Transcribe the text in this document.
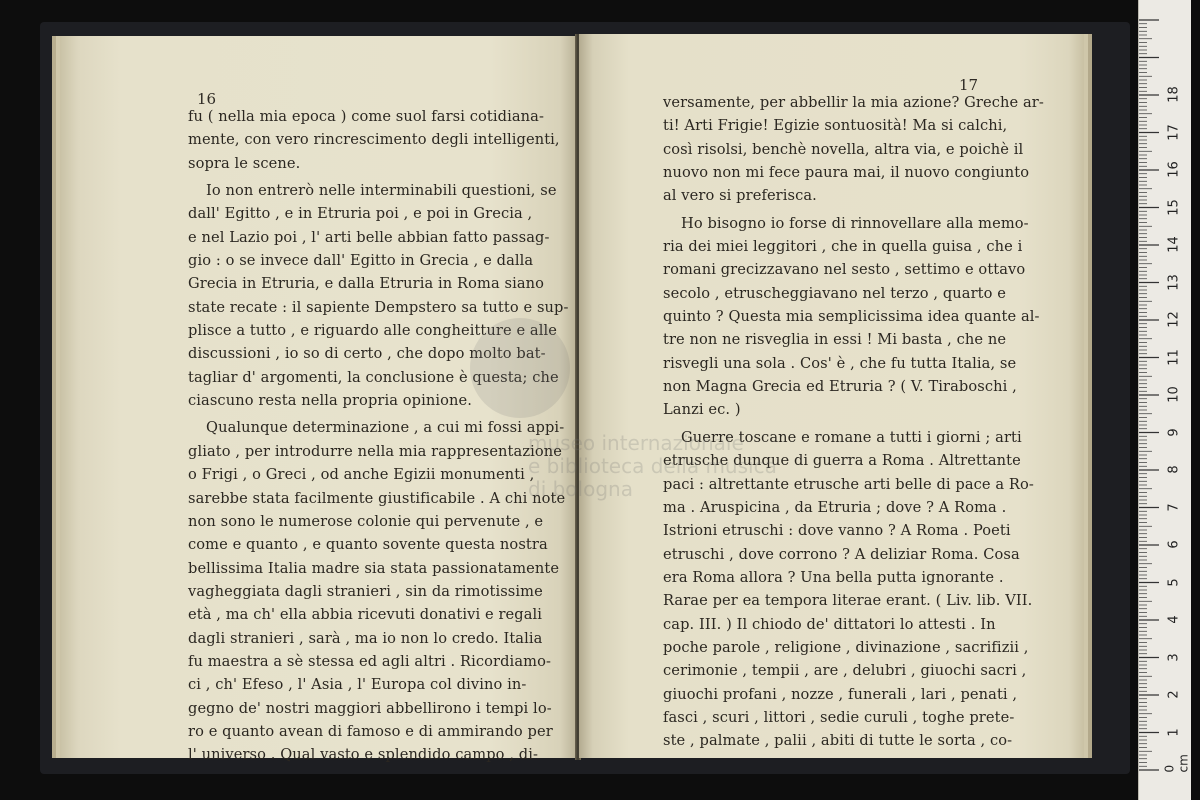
16
fu ( nella mia epoca ) come suol farsi cotidiana-
mente, con vero rincrescimento degli intelligenti,
sopra le scene.
Io non entrerò nelle interminabili questioni, se
dall' Egitto , e in Etruria poi , e poi in Grecia ,
e nel Lazio poi , l' arti belle abbian fatto passag-
gio : o se invece dall' Egitto in Grecia , e dalla
Grecia in Etruria, e dalla Etruria in Roma siano
state recate : il sapiente Dempstero sa tutto e sup-
plisce a tutto , e riguardo alle congheitture e alle
discussioni , io so di certo , che dopo molto bat-
tagliar d' argomenti, la conclusione è questa; che
ciascuno resta nella propria opinione.
Qualunque determinazione , a cui mi fossi appi-
gliato , per introdurre nella mia rappresentazione
o Frigi , o Greci , od anche Egizii monumenti ,
sarebbe stata facilmente giustificabile . A chi note
non sono le numerose colonie qui pervenute , e
come e quanto , e quanto sovente questa nostra
bellissima Italia madre sia stata passionatamente
vagheggiata dagli stranieri , sin da rimotissime
età , ma ch' ella abbia ricevuti donativi e regali
dagli stranieri , sarà , ma io non lo credo. Italia
fu maestra a sè stessa ed agli altri . Ricordiamo-
ci , ch' Efeso , l' Asia , l' Europa col divino in-
gegno de' nostri maggiori abbellirono i tempi lo-
ro e quanto avean di famoso e di ammirando per
l' universo . Qual vasto e splendido campo , di-
17
versamente, per abbellir la mia azione? Greche ar-
ti! Arti Frigie! Egizie sontuosità! Ma si calchi,
così risolsi, benchè novella, altra via, e poichè il
nuovo non mi fece paura mai, il nuovo congiunto
al vero si preferisca.
Ho bisogno io forse di rinnovellare alla memo-
ria dei miei leggitori , che in quella guisa , che i
romani grecizzavano nel sesto , settimo e ottavo
secolo , etruscheggiavano nel terzo , quarto e
quinto ? Questa mia semplicissima idea quante al-
tre non ne risveglia in essi ! Mi basta , che ne
risvegli una sola . Cos' è , che fu tutta Italia, se
non Magna Grecia ed Etruria ? ( V. Tiraboschi ,
Lanzi ec. )
Guerre toscane e romane a tutti i giorni ; arti
etrusche dunque di guerra a Roma . Altrettante
paci : altrettante etrusche arti belle di pace a Ro-
ma . Aruspicina , da Etruria ; dove ? A Roma .
Istrioni etruschi : dove vanno ? A Roma . Poeti
etruschi , dove corrono ? A deliziar Roma. Cosa
era Roma allora ? Una bella putta ignorante .
Rarae per ea tempora literae erant. ( Liv. lib. VII.
cap. III. ) Il chiodo de' dittatori lo attesti . In
poche parole , religione , divinazione , sacrifizii ,
cerimonie , tempii , are , delubri , giuochi sacri ,
giuochi profani , nozze , funerali , lari , penati ,
fasci , scuri , littori , sedie curuli , toghe prete-
ste , palmate , palii , abiti di tutte le sorta , co-
museo internazionale
e biblioteca della musica
di bologna
1
2
3
4
5
6
7
8
9
10
11
12
13
14
15
16
17
18
0 cm
